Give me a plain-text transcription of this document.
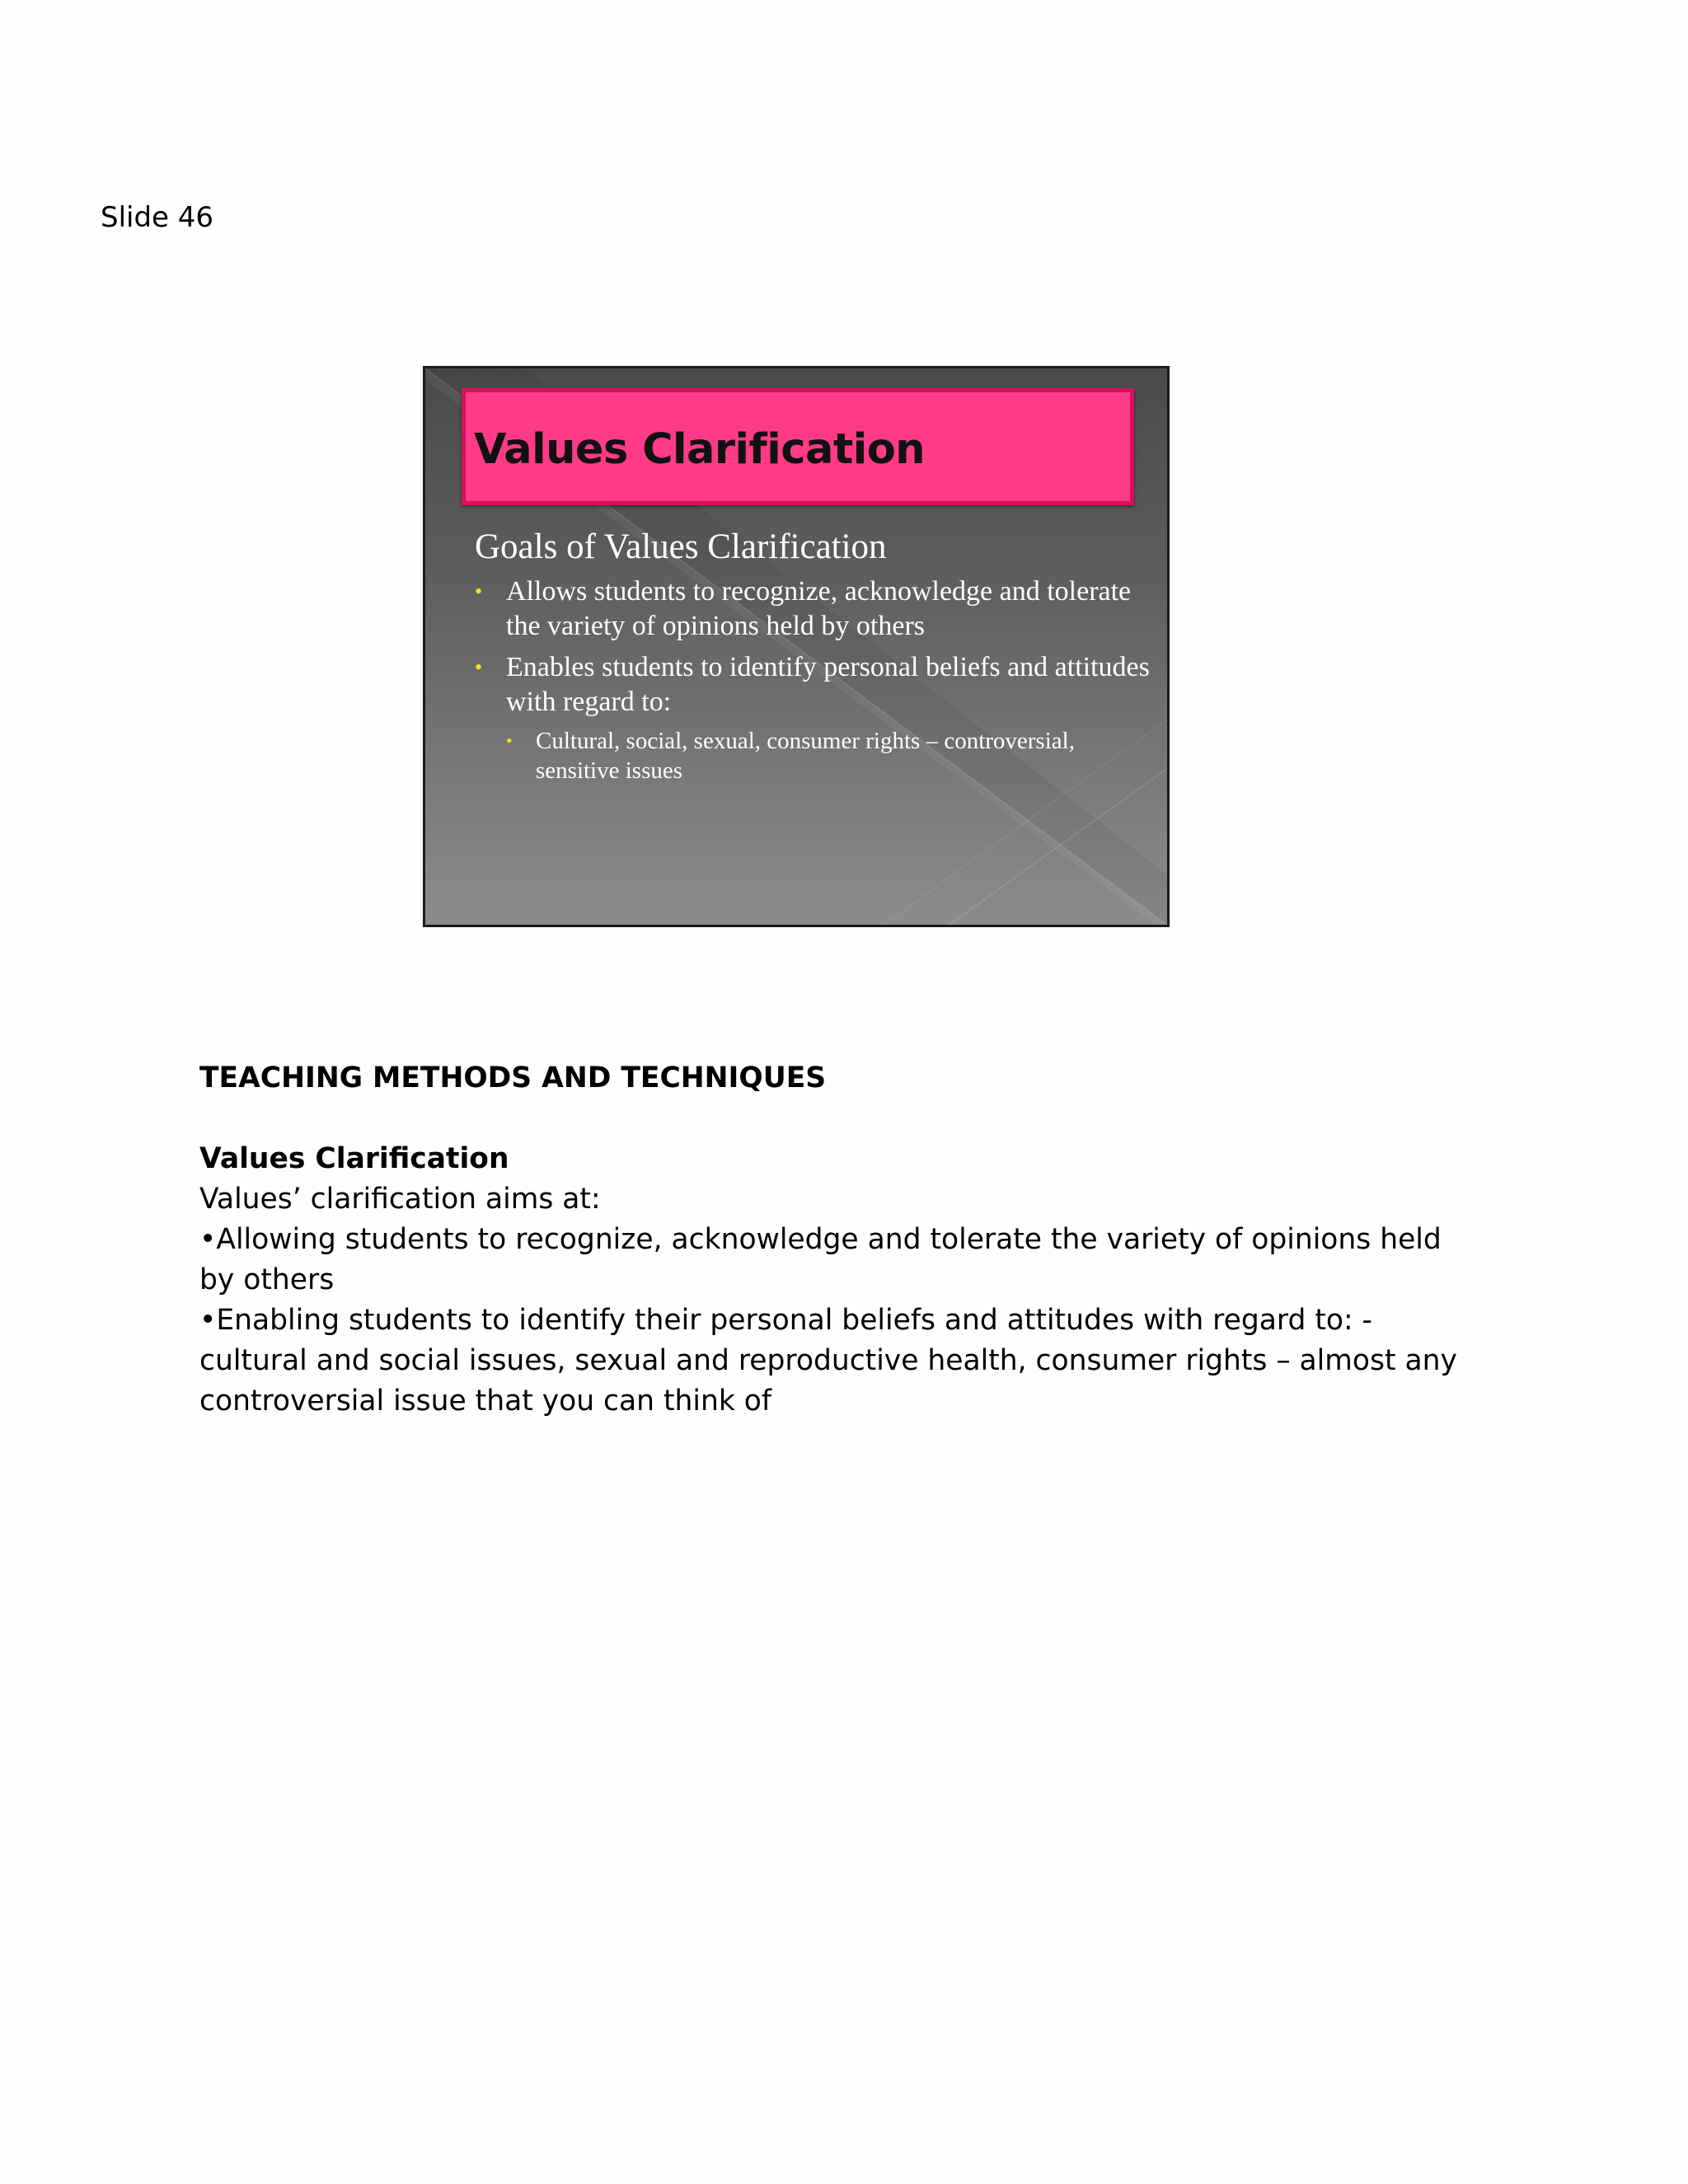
Slide 46
Values Clarification
Goals of Values Clarification
• Allows students to recognize, acknowledge and tolerate the variety of opinions held by others
• Enables students to identify personal beliefs and attitudes with regard to:
• Cultural, social, sexual, consumer rights – controversial, sensitive issues

TEACHING METHODS AND TECHNIQUES

Values Clarification

Values’ clarification aims at:

•Allowing students to recognize, acknowledge and tolerate the variety of opinions held by others

•Enabling students to identify their personal beliefs and attitudes with regard to: -cultural and social issues, sexual and reproductive health, consumer rights – almost any controversial issue that you can think of
